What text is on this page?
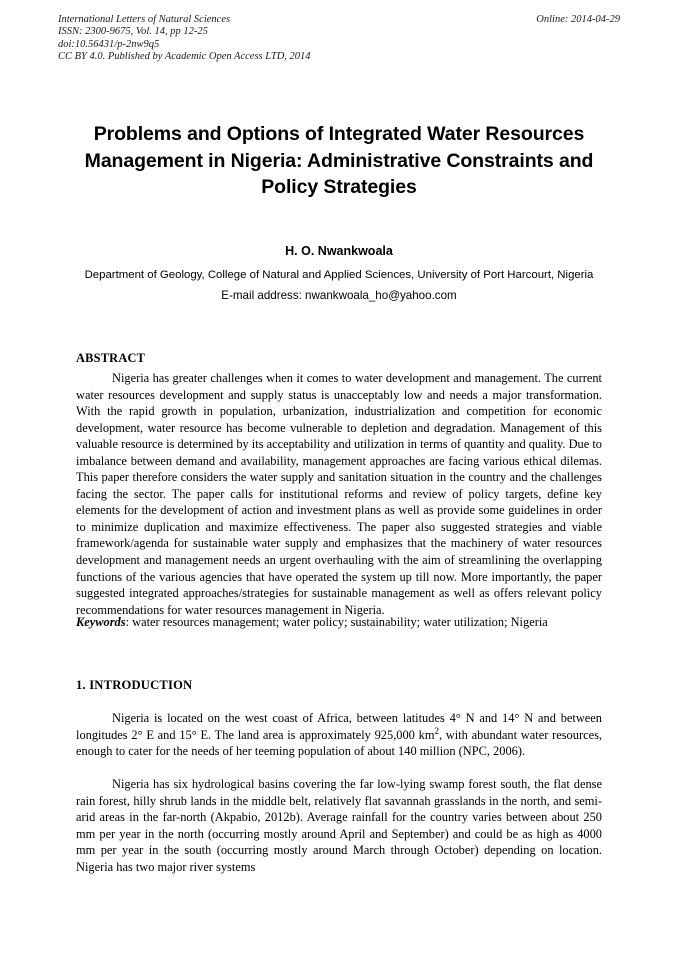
International Letters of Natural Sciences	Online: 2014-04-29
ISSN: 2300-9675, Vol. 14, pp 12-25
doi:10.56431/p-2nw9q5
CC BY 4.0. Published by Academic Open Access LTD, 2014
Problems and Options of Integrated Water Resources Management in Nigeria: Administrative Constraints and Policy Strategies
H. O. Nwankwoala
Department of Geology, College of Natural and Applied Sciences, University of Port Harcourt, Nigeria
E-mail address: nwankwoala_ho@yahoo.com
ABSTRACT
Nigeria has greater challenges when it comes to water development and management. The current water resources development and supply status is unacceptably low and needs a major transformation. With the rapid growth in population, urbanization, industrialization and competition for economic development, water resource has become vulnerable to depletion and degradation. Management of this valuable resource is determined by its acceptability and utilization in terms of quantity and quality. Due to imbalance between demand and availability, management approaches are facing various ethical dilemas. This paper therefore considers the water supply and sanitation situation in the country and the challenges facing the sector. The paper calls for institutional reforms and review of policy targets, define key elements for the development of action and investment plans as well as provide some guidelines in order to minimize duplication and maximize effectiveness. The paper also suggested strategies and viable framework/agenda for sustainable water supply and emphasizes that the machinery of water resources development and management needs an urgent overhauling with the aim of streamlining the overlapping functions of the various agencies that have operated the system up till now. More importantly, the paper suggested integrated approaches/strategies for sustainable management as well as offers relevant policy recommendations for water resources management in Nigeria.
Keywords: water resources management; water policy; sustainability; water utilization; Nigeria
1. INTRODUCTION
Nigeria is located on the west coast of Africa, between latitudes 4° N and 14° N and between longitudes 2° E and 15° E. The land area is approximately 925,000 $km^2$, with abundant water resources, enough to cater for the needs of her teeming population of about 140 million (NPC, 2006).
Nigeria has six hydrological basins covering the far low-lying swamp forest south, the flat dense rain forest, hilly shrub lands in the middle belt, relatively flat savannah grasslands in the north, and semi-arid areas in the far-north (Akpabio, 2012b). Average rainfall for the country varies between about 250 mm per year in the north (occurring mostly around April and September) and could be as high as 4000 mm per year in the south (occurring mostly around March through October) depending on location. Nigeria has two major river systems
